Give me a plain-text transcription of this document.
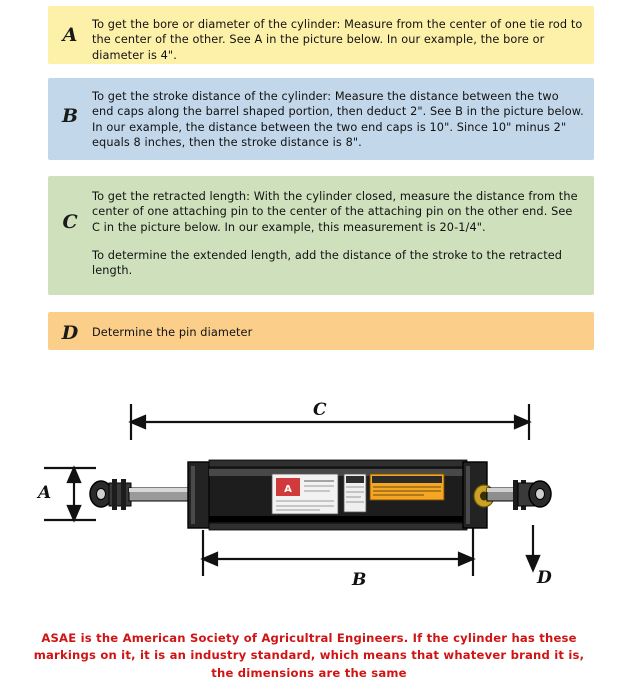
A	To get the bore or diameter of the cylinder: Measure from the center of one tie rod to the center of the other. See A in the picture below. In our example, the bore or diameter is 4".

B

To get the stroke distance of the cylinder: Measure the distance between the two end caps along the barrel shaped portion, then deduct 2". See B in the picture below. In our example, the distance between the two end caps is 10". Since 10" minus 2" equals 8 inches, then the stroke distance is 8".

C

To get the retracted length: With the cylinder closed, measure the distance from the center of one attaching pin to the center of the attaching pin on the other end. See C in the picture below. In our example, this measurement is 20-1/4".

To determine the extended length, add the distance of the stroke to the retracted length.

D	Determine the pin diameter

A
C
A
B	D
ASAE is the American Society of Agricultral Engineers. If the cylinder has these markings on it, it is an industry standard, which means that whatever brand it is, the dimensions are the same
